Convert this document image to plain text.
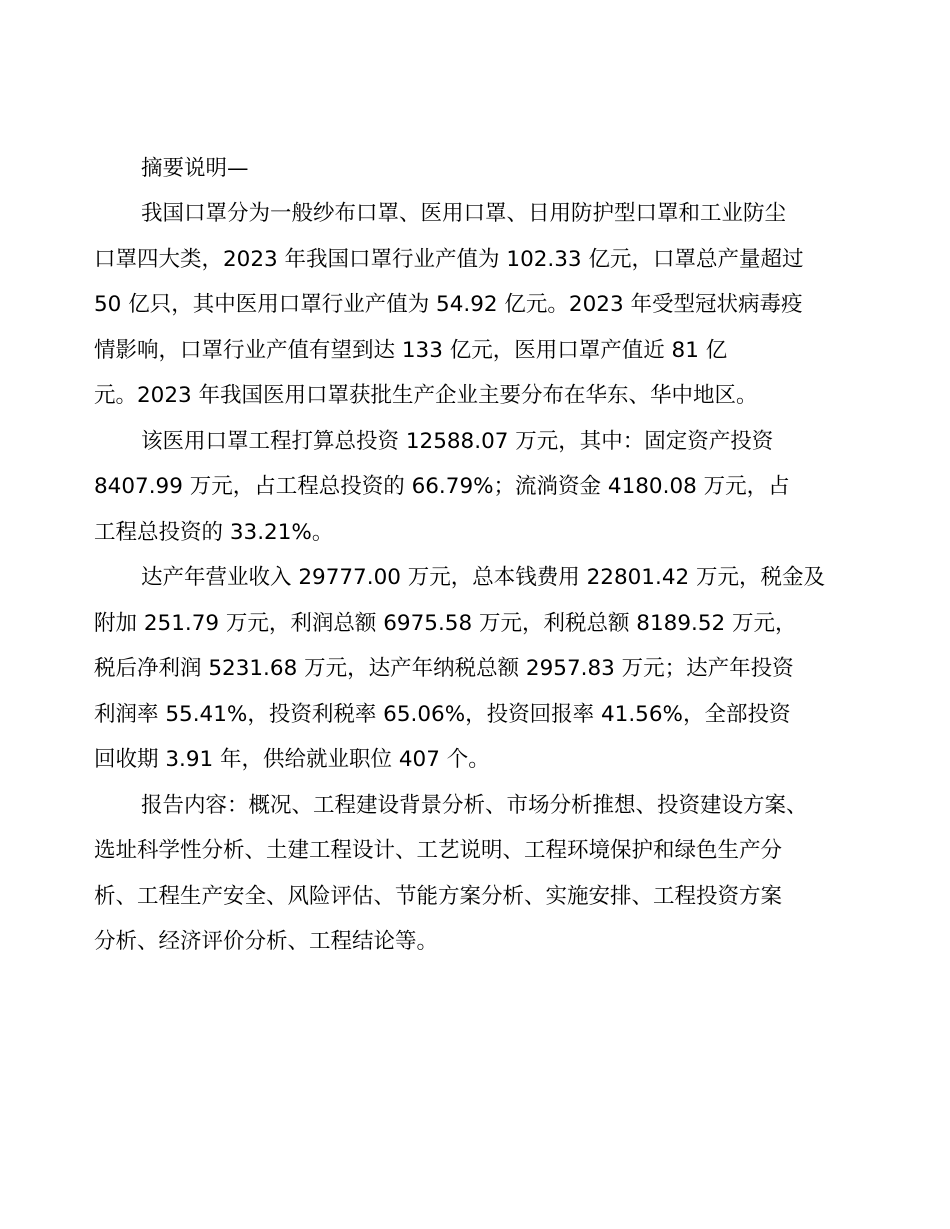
摘要说明—

我国口罩分为一般纱布口罩、医用口罩、日用防护型口罩和工业防尘
口罩四大类，2023 年我国口罩行业产值为 102.33 亿元，口罩总产量超过
50 亿只，其中医用口罩行业产值为 54.92 亿元。2023 年受型冠状病毒疫
情影响，口罩行业产值有望到达 133 亿元，医用口罩产值近 81 亿
元。2023 年我国医用口罩获批生产企业主要分布在华东、华中地区。

该医用口罩工程打算总投资 12588.07 万元，其中：固定资产投资
8407.99 万元，占工程总投资的 66.79%；流淌资金 4180.08 万元，占
工程总投资的 33.21%。

达产年营业收入 29777.00 万元，总本钱费用 22801.42 万元，税金及
附加 251.79 万元，利润总额 6975.58 万元，利税总额 8189.52 万元，
税后净利润 5231.68 万元，达产年纳税总额 2957.83 万元；达产年投资
利润率 55.41%，投资利税率 65.06%，投资回报率 41.56%，全部投资
回收期 3.91 年，供给就业职位 407 个。

报告内容：概况、工程建设背景分析、市场分析推想、投资建设方案、
选址科学性分析、土建工程设计、工艺说明、工程环境保护和绿色生产分
析、工程生产安全、风险评估、节能方案分析、实施安排、工程投资方案
分析、经济评价分析、工程结论等。
